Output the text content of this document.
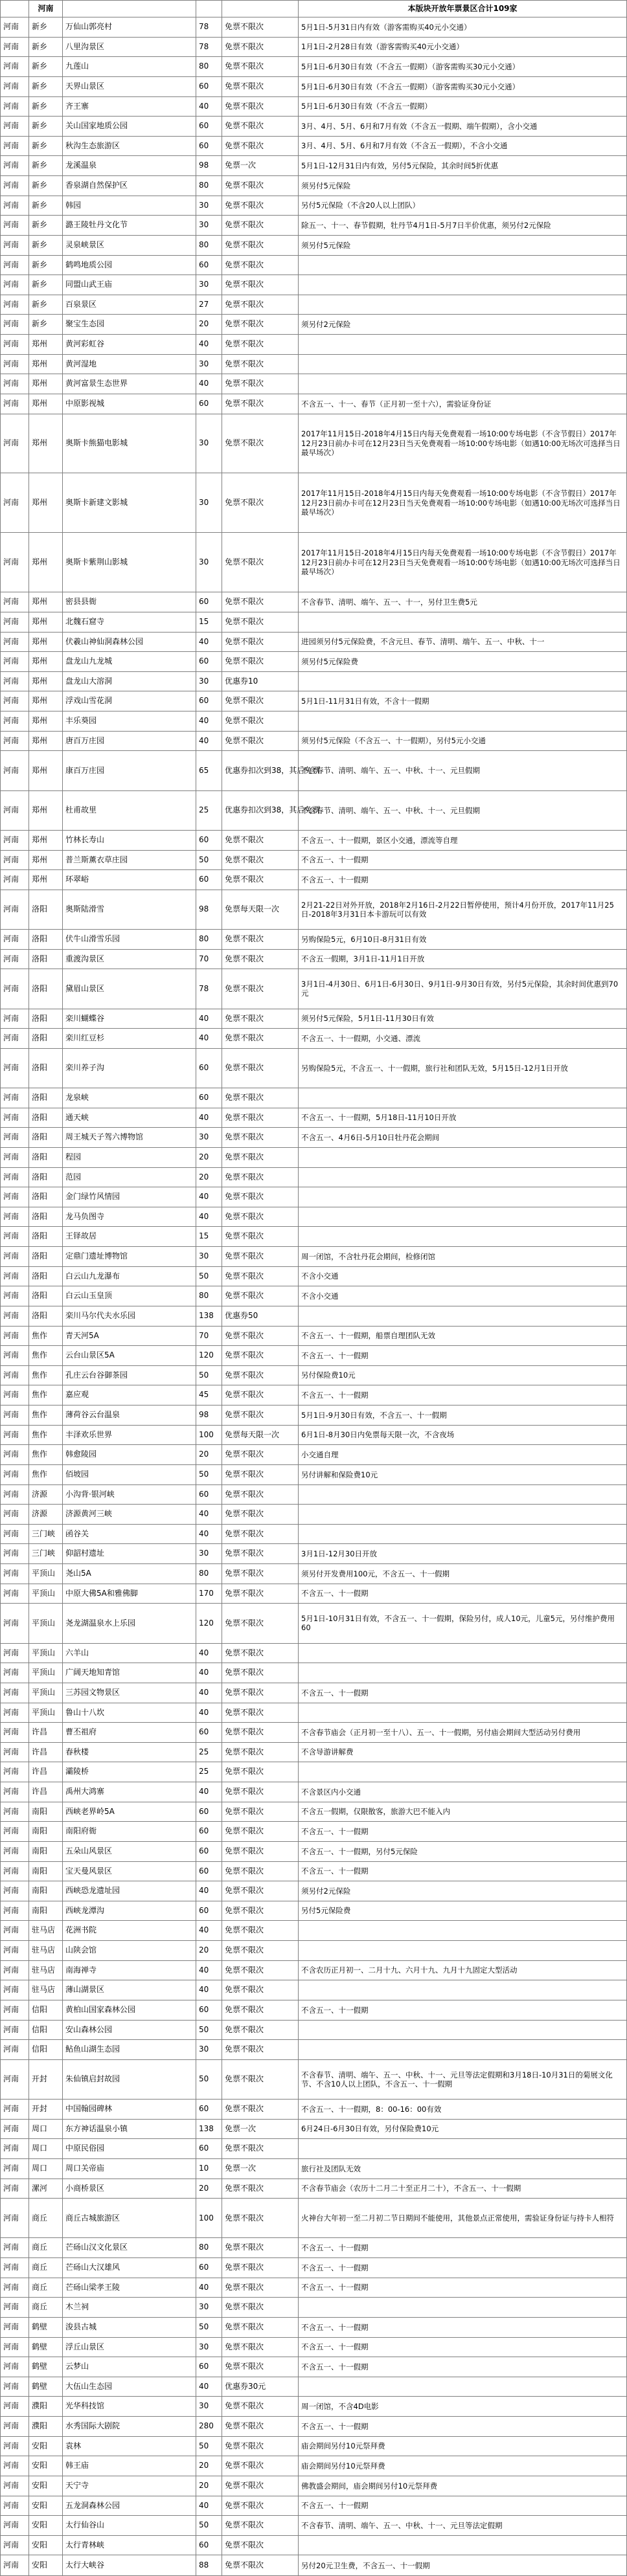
	河南				本版块开放年票景区合计109家
河南	新乡	万仙山郭亮村	78	免票不限次	5月1日-5月31日内有效（游客需购买40元小交通）
河南	新乡	八里沟景区	78	免票不限次	1月1日-2月28日有效（游客需购买40元小交通）
河南	新乡	九莲山	80	免票不限次	5月1日-6月30日有效（不含五一假期）（游客需购买30元小交通）
河南	新乡	天界山景区	60	免票不限次	5月1日-6月30日有效（不含五一假期）（游客需购买30元小交通）
河南	新乡	齐王寨	40	免票不限次	5月1日-6月30日有效（不含五一假期）
河南	新乡	关山国家地质公园	60	免票不限次	3月、4月、5月、6月和7月有效（不含五一假期、端午假期），含小交通
河南	新乡	秋沟生态旅游区	60	免票不限次	3月、4月、5月、6月和7月有效（不含五一假期），不含小交通
河南	新乡	龙溪温泉	98	免票一次	5月1日-12月31日内有效，另付5元保险，其余时间5折优惠
河南	新乡	香泉湖自然保护区	80	免票不限次	须另付5元保险
河南	新乡	韩园	30	免票不限次	另付5元保险（不含20人以上团队）
河南	新乡	潞王陵牡丹文化节	30	免票不限次	除五一、十一、春节假期，牡丹节4月1日-5月7日半价优惠，须另付2元保险
河南	新乡	灵泉峡景区	80	免票不限次	须另付5元保险
河南	新乡	鹤鸣地质公园	60	免票不限次	
河南	新乡	同盟山武王庙	30	免票不限次	
河南	新乡	百泉景区	27	免票不限次	
河南	新乡	聚宝生态园	20	免票不限次	须另付2元保险
河南	郑州	黄河彩虹谷	40	免票不限次	
河南	郑州	黄河湿地	30	免票不限次	
河南	郑州	黄河富景生态世界	40	免票不限次	
河南	郑州	中原影视城	60	免票不限次	不含五一、十一、春节（正月初一至十六），需验证身份证
河南	郑州	奥斯卡熊猫电影城	30	免票不限次	2017年11月15日-2018年4月15日内每天免费观看一场10:00专场电影（不含节假日）2017年12月23日前办卡可在12月23日当天免费观看一场10:00专场电影（如遇10:00无场次可选择当日最早场次）
河南	郑州	奥斯卡新建文影城	30	免票不限次	2017年11月15日-2018年4月15日内每天免费观看一场10:00专场电影（不含节假日）2017年12月23日前办卡可在12月23日当天免费观看一场10:00专场电影（如遇10:00无场次可选择当日最早场次）
河南	郑州	奥斯卡紫荆山影城	30	免票不限次	2017年11月15日-2018年4月15日内每天免费观看一场10:00专场电影（不含节假日）2017年12月23日前办卡可在12月23日当天免费观看一场10:00专场电影（如遇10:00无场次可选择当日最早场次）
河南	郑州	密县县衙	60	免票不限次	不含春节、清明、端午、五一、十一，另付卫生费5元
河南	郑州	北魏石窟寺	15	免票不限次	
河南	郑州	伏羲山神仙洞森林公园	40	免票不限次	进园须另付5元保险费，不含元旦、春节、清明、端午、五一、中秋、十一
河南	郑州	盘龙山九龙城	60	免票不限次	须另付5元保险费
河南	郑州	盘龙山大溶洞	30	优惠券10	
河南	郑州	浮戏山雪花洞	60	免票不限次	5月1日-11月31日有效，不含十一假期
河南	郑州	丰乐葵园	40	免票不限次	
河南	郑州	唐百万庄园	40	免票不限次	须另付5元保险（不含五一、十一假期），另付5元小交通
河南	郑州	康百万庄园	65	优惠券扣次到38，其后免票	不含春节、清明、端午、五一、中秋、十一、元旦假期
河南	郑州	杜甫故里	25	优惠券扣次到38，其后免票	不含春节、清明、端午、五一、中秋、十一、元旦假期
河南	郑州	竹林长寿山	60	免票不限次	不含五一、十一假期，景区小交通，漂流等自理
河南	郑州	普兰斯薰衣草庄园	50	免票不限次	不含五一、十一假期
河南	郑州	环翠峪	60	免票不限次	不含五一、十一假期
河南	洛阳	奥斯陆滑雪	98	免票每天限一次	2月21-22日对外开放，2018年2月16日-2月22日暂停使用，预计4月份开放，2017年11月25日-2018年3月31日本卡游玩可以有效
河南	洛阳	伏牛山滑雪乐园	80	免票不限次	另购保险5元，6月10日-8月31日有效
河南	洛阳	重渡沟景区	70	免票不限次	不含五一假期，3月1日-11月1日开放
河南	洛阳	黛眉山景区	78	免票不限次	3月1日-4月30日、6月1日-6月30日、9月1日-9月30日有效，另付5元保险，其余时间优惠到70元
河南	洛阳	栾川蝴蝶谷	40	免票不限次	须另付5元保险，5月1日-11月30日有效
河南	洛阳	栾川红豆杉	40	免票不限次	不含五一、十一假期，小交通、漂流
河南	洛阳	栾川养子沟	60	免票不限次	另购保险5元，不含五一、十一假期，旅行社和团队无效，5月15日-12月1日开放
河南	洛阳	龙泉峡	60	免票不限次	
河南	洛阳	通天峡	40	免票不限次	不含五一、十一假期，5月18日-11月10日开放
河南	洛阳	周王城天子驾六博物馆	30	免票不限次	不含五一、4月6日-5月10日牡丹花会期间
河南	洛阳	程园	20	免票不限次	
河南	洛阳	范园	20	免票不限次	
河南	洛阳	金门绿竹风情园	40	免票不限次	
河南	洛阳	龙马负图寺	40	免票不限次	
河南	洛阳	王铎故居	15	免票不限次	
河南	洛阳	定鼎门遗址博物馆	30	免票不限次	周一闭馆，不含牡丹花会期间，检修闭馆
河南	洛阳	白云山九龙瀑布	50	免票不限次	不含小交通
河南	洛阳	白云山玉皇顶	80	免票不限次	不含小交通
河南	洛阳	栾川马尔代夫水乐园	138	优惠券50	
河南	焦作	青天河5A	70	免票不限次	不含五一、十一假期，船票自理团队无效
河南	焦作	云台山景区5A	120	免票不限次	不含五一、十一假期
河南	焦作	孔庄云台谷御茶园	50	免票不限次	另付保险费10元
河南	焦作	嘉应观	45	免票不限次	不含五一、十一假期
河南	焦作	薄荷谷云台温泉	98	免票不限次	5月1日-9月30日有效，不含五一、十一假期
河南	焦作	丰泽欢乐世界	100	免票每天限一次	6月1日-8月30日内免票每天限一次，不含夜场
河南	焦作	韩愈陵园	20	免票不限次	小交通自理
河南	焦作	佰坡园	50	免票不限次	另付讲解和保险费10元
河南	济源	小沟背·银河峡	60	免票不限次	
河南	济源	济源黄河三峡	40	免票不限次	
河南	三门峡	函谷关	40	免票不限次	
河南	三门峡	仰韶村遗址	30	免票不限次	3月1日-12月30日开放
河南	平顶山	尧山5A	80	免票不限次	须另付开发费用100元，不含五一、十一假期
河南	平顶山	中原大佛5A和雅佛脚	170	免票不限次	不含五一、十一假期
河南	平顶山	尧龙湖温泉水上乐园	120	免票不限次	5月1日-10月31日有效，不含五一、十一假期，保险另付，成人10元，儿童5元，另付维护费用60
河南	平顶山	六羊山	40	免票不限次	
河南	平顶山	广阔天地知青馆	40	免票不限次	
河南	平顶山	三苏园文物景区	40	免票不限次	不含五一、十一假期
河南	平顶山	鲁山十八坎	40	免票不限次	
河南	许昌	曹丕祖府	60	免票不限次	不含春节庙会（正月初一至十八）、五一、十一假期，另付庙会期间大型活动另付费用
河南	许昌	春秋楼	25	免票不限次	不含导游讲解费
河南	许昌	灞陵桥	25	免票不限次	
河南	许昌	禹州大鸿寨	40	免票不限次	不含景区内小交通
河南	南阳	西峡老界岭5A	60	免票不限次	不含五一假期，仅限散客，旅游大巴不能入内
河南	南阳	南阳府衙	60	免票不限次	不含五一、十一假期
河南	南阳	五朵山风景区	60	免票不限次	不含五一、十一假期，另付5元保险
河南	南阳	宝天曼风景区	60	免票不限次	不含五一、十一假期
河南	南阳	西峡恐龙遗址园	40	免票不限次	须另付2元保险
河南	南阳	西峡龙潭沟	60	免票不限次	另付5元保险费
河南	驻马店	花洲书院	40	免票不限次	
河南	驻马店	山陕会馆	20	免票不限次	
河南	驻马店	南海禅寺	40	免票不限次	不含农历正月初一、二月十九、六月十九、九月十九固定大型活动
河南	驻马店	薄山湖景区	40	免票不限次	
河南	信阳	黄柏山国家森林公园	60	免票不限次	不含五一、十一假期
河南	信阳	安山森林公园	50	免票不限次	
河南	信阳	鲇鱼山湖生态园	30	免票不限次	
河南	开封	朱仙镇启封故园	50	免票不限次	不含春节、清明、端午、五一、中秋、十一、元旦等法定假期和3月18日-10月31日的菊展文化节、不含10人以上团队，不含五一、十一假期
河南	开封	中国翰园碑林	60	免票不限次	不含五一、十一假期，8：00-16：00有效
河南	周口	东方神话温泉小镇	138	免票一次	6月24日-6月30日有效，另付保险费10元
河南	周口	中原民俗园	60	免票不限次	
河南	周口	周口关帝庙	10	免票一次	旅行社及团队无效
河南	漯河	小商桥景区	20	免票不限次	不含春节庙会（农历十二月二十至正月二十），不含五一、十一假期
河南	商丘	商丘古城旅游区	100	免票不限次	火神台大年初一至二月初二节日期间不能使用，其他景点正常使用，需验证身份证与持卡人相符
河南	商丘	芒砀山汉文化景区	80	免票不限次	不含五一、十一假期
河南	商丘	芒砀山大汉雄风	60	免票不限次	不含五一、十一假期
河南	商丘	芒砀山梁孝王陵	40	免票不限次	不含五一、十一假期
河南	商丘	木兰祠	30	免票不限次	
河南	鹤壁	浚县古城	50	免票不限次	不含五一、十一假期
河南	鹤壁	浮丘山景区	30	免票不限次	不含五一、十一假期
河南	鹤壁	云梦山	60	免票不限次	不含五一、十一假期
河南	鹤壁	大伍山生态园	40	优惠券30元	
河南	濮阳	光华科技馆	30	免票不限次	周一闭馆，不含4D电影
河南	濮阳	水秀国际大剧院	280	免票不限次	不含五一、十一假期
河南	安阳	袁林	50	免票不限次	庙会期间另付10元祭拜费
河南	安阳	韩王庙	20	免票不限次	庙会期间另付10元祭拜费
河南	安阳	天宁寺	20	免票不限次	佛教盛会期间，庙会期间另付10元祭拜费
河南	安阳	五龙洞森林公园	40	免票不限次	不含五一、十一假期
河南	安阳	太行仙谷山	50	免票不限次	不含春节、清明、端午、五一、中秋、十一、元旦等法定假期
河南	安阳	太行青林峡	60	免票不限次	
河南	安阳	太行大峡谷	88	免票不限次	另付20元卫生费，不含五一、十一假期
